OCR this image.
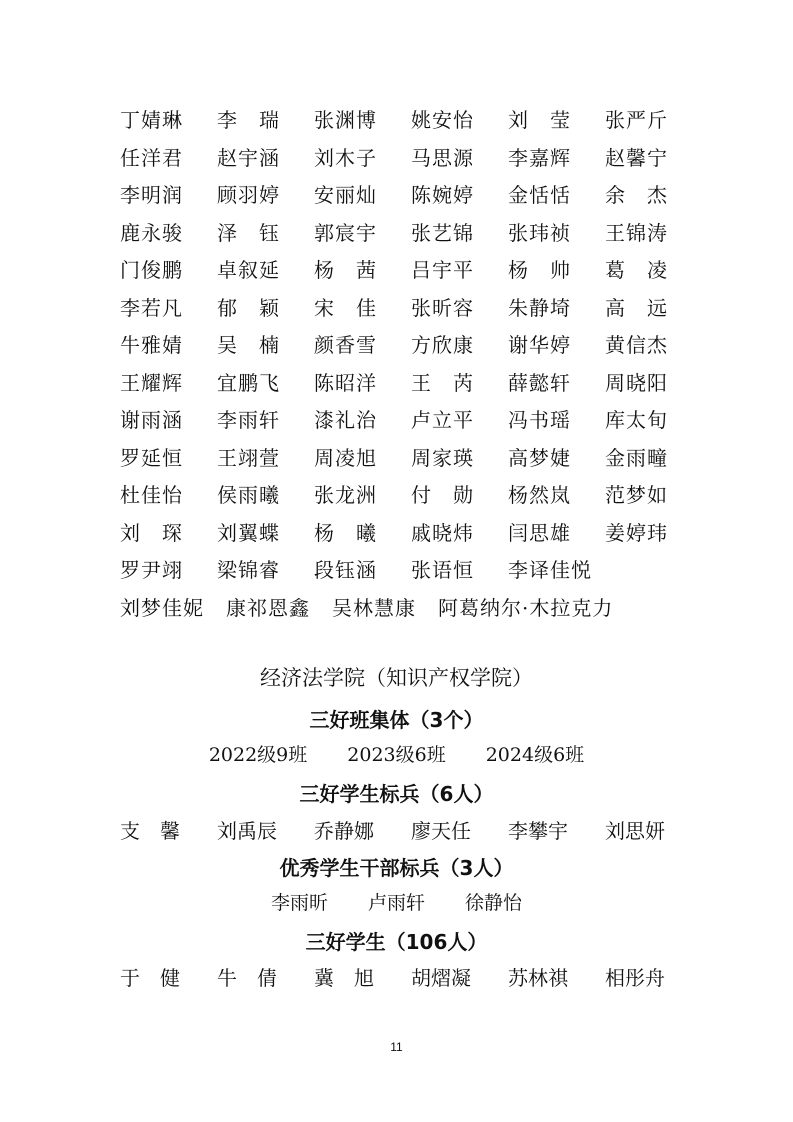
丁婧琳	李　瑞	张渊博	姚安怡	刘　莹	张严斤
任洋君	赵宇涵	刘木子	马思源	李嘉辉	赵馨宁
李明润	顾羽婷	安丽灿	陈婉婷	金恬恬	余　杰
鹿永骏	泽　钰	郭宸宇	张艺锦	张玮祯	王锦涛
门俊鹏	卓叙延	杨　茜	吕宇平	杨　帅	葛　凌
李若凡	郁　颖	宋　佳	张昕容	朱静埼	高　远
牛雅婧	吴　楠	颜香雪	方欣康	谢华婷	黄信杰
王耀辉	宜鹏飞	陈昭洋	王　芮	薛懿轩	周晓阳
谢雨涵	李雨轩	漆礼治	卢立平	冯书瑶	库太旬
罗延恒	王翊萱	周凌旭	周家瑛	高梦婕	金雨疃
杜佳怡	侯雨曦	张龙洲	付　勋	杨然岚	范梦如
刘　琛	刘翼蝶	杨　曦	戚晓炜	闫思雄	姜婷玮
罗尹翊	梁锦睿	段钰涵	张语恒	李译佳悦
刘梦佳妮 康祁恩鑫 吴林慧康 阿葛纳尔·木拉克力
经济法学院（知识产权学院）
三好班集体（3个）
2022级9班 2023级6班 2024级6班
三好学生标兵（6人）
支　馨	刘禹辰	乔静娜	廖天任	李攀宇	刘思妍
优秀学生干部标兵（3人）
李雨昕 卢雨轩 徐静怡
三好学生（106人）
于　健	牛　倩	冀　旭	胡熠凝	苏林祺	相彤舟
11
